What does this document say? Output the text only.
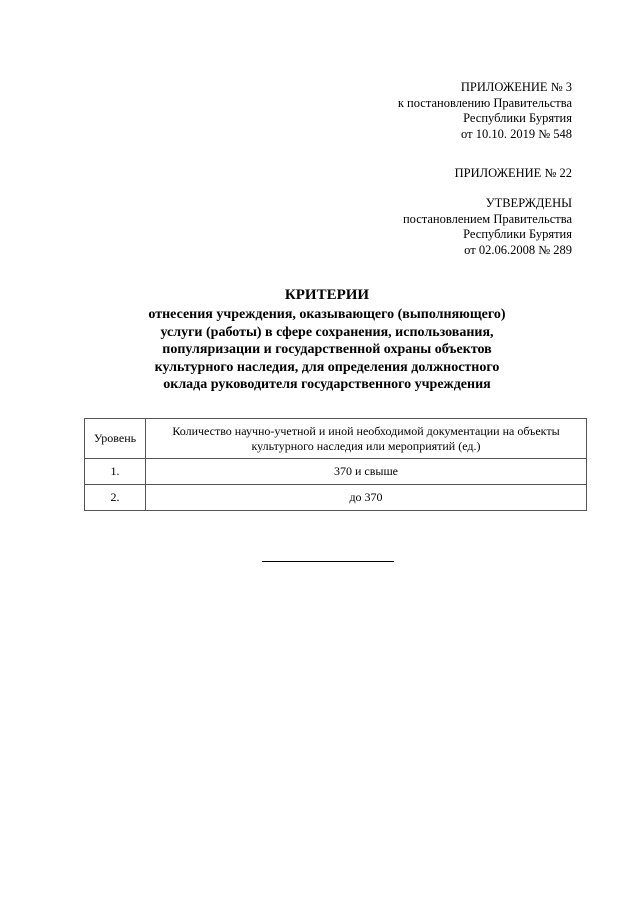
ПРИЛОЖЕНИЕ № 3
к постановлению Правительства
Республики Бурятия
от 10.10. 2019 № 548
ПРИЛОЖЕНИЕ № 22
УТВЕРЖДЕНЫ
постановлением Правительства
Республики Бурятия
от 02.06.2008 № 289
КРИТЕРИИ
отнесения учреждения, оказывающего (выполняющего)
услуги (работы) в сфере сохранения, использования,
популяризации и государственной охраны объектов
культурного наследия, для определения должностного
оклада руководителя государственного учреждения
Уровень	Количество научно-учетной и иной необходимой документации на объекты культурного наследия или мероприятий (ед.)
1.	370 и свыше
2.	до 370
